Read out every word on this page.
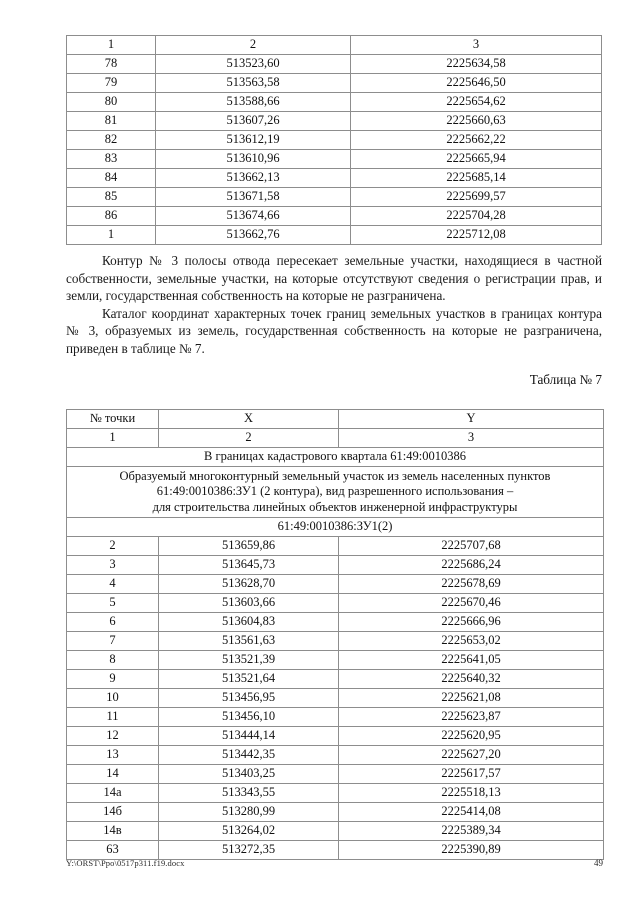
1	2	3
78	513523,60	2225634,58
79	513563,58	2225646,50
80	513588,66	2225654,62
81	513607,26	2225660,63
82	513612,19	2225662,22
83	513610,96	2225665,94
84	513662,13	2225685,14
85	513671,58	2225699,57
86	513674,66	2225704,28
1	513662,76	2225712,08

Контур № 3 полосы отвода пересекает земельные участки, находящиеся в частной собственности, земельные участки, на которые отсутствуют сведения о регистрации прав, и земли, государственная собственность на которые не разграничена.

Каталог координат характерных точек границ земельных участков в границах контура № 3, образуемых из земель, государственная собственность на которые не разграничена, приведен в таблице № 7.

Таблица № 7
№ точки	X	Y
1	2	3
В границах кадастрового квартала 61:49:0010386		

Образуемый многоконтурный земельный участок из земель населенных пунктов
61:49:0010386:ЗУ1 (2 контура), вид разрешенного использования –
для строительства линейных объектов инженерной инфраструктуры		

61:49:0010386:ЗУ1(2)		
2	513659,86	2225707,68
3	513645,73	2225686,24
4	513628,70	2225678,69
5	513603,66	2225670,46
6	513604,83	2225666,96
7	513561,63	2225653,02
8	513521,39	2225641,05
9	513521,64	2225640,32
10	513456,95	2225621,08
11	513456,10	2225623,87
12	513444,14	2225620,95
13	513442,35	2225627,20
14	513403,25	2225617,57
14а	513343,55	2225518,13
14б	513280,99	2225414,08
14в	513264,02	2225389,34
63	513272,35	2225390,89
Y:\ORST\Ppo\0517p311.f19.docx	49
